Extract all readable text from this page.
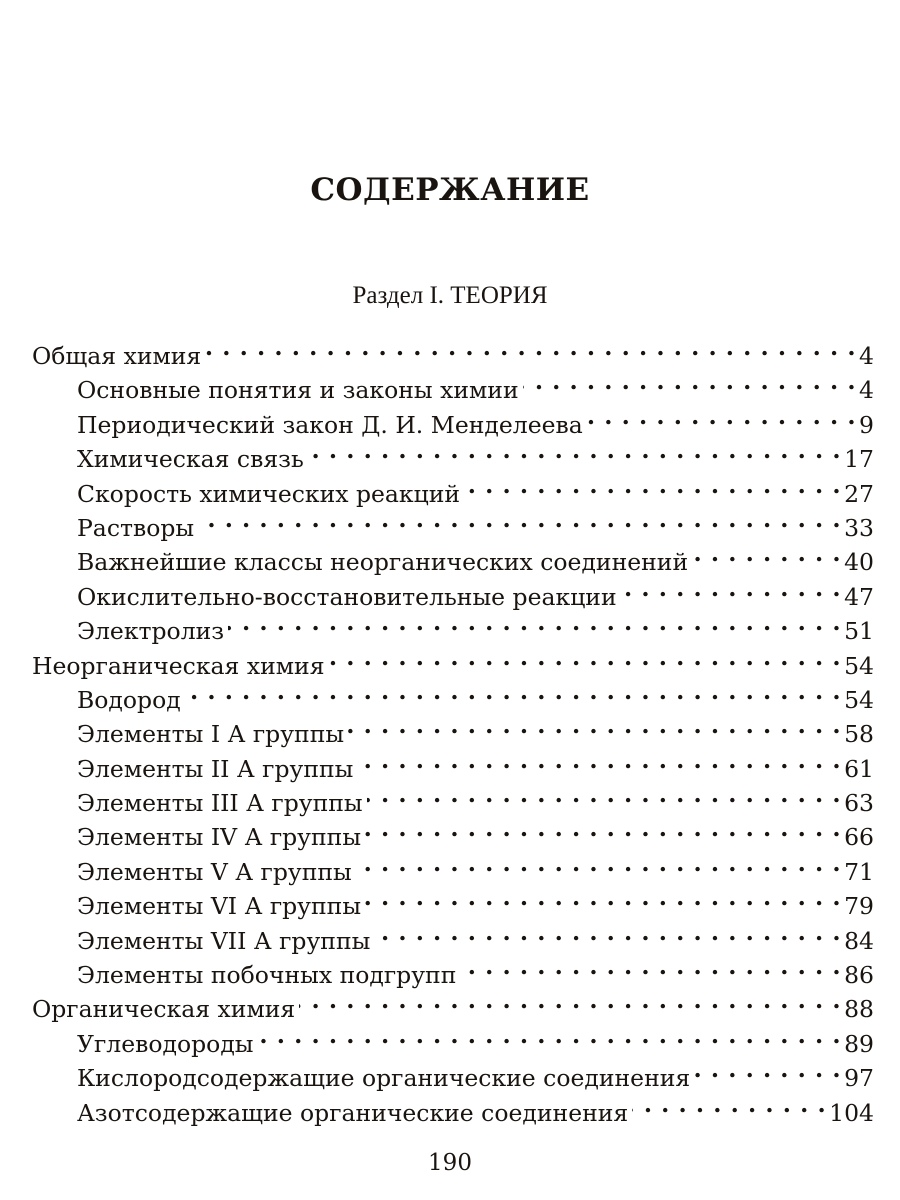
СОДЕРЖАНИЕ
Раздел I. ТЕОРИЯ
Общая химия . . .	4
Основные понятия и законы химии . . .	4
Периодический закон Д. И. Менделеева . . .	9
Химическая связь . . .	17
Скорость химических реакций . . .	27
Растворы . . .	33
Важнейшие классы неорганических соединений . . .	40
Окислительно-восстановительные реакции . . .	47
Электролиз . . .	51
Неорганическая химия . . .	54
Водород . . .	54
Элементы I А группы . . .	58
Элементы II А группы . . .	61
Элементы III А группы . . .	63
Элементы IV А группы . . .	66
Элементы V А группы . . .	71
Элементы VI А группы . . .	79
Элементы VII А группы . . .	84
Элементы побочных подгрупп . . .	86
Органическая химия . . .	88
Углеводороды . . .	89
Кислородсодержащие органические соединения . . .	97
Азотсодержащие органические соединения . . .	104
190
